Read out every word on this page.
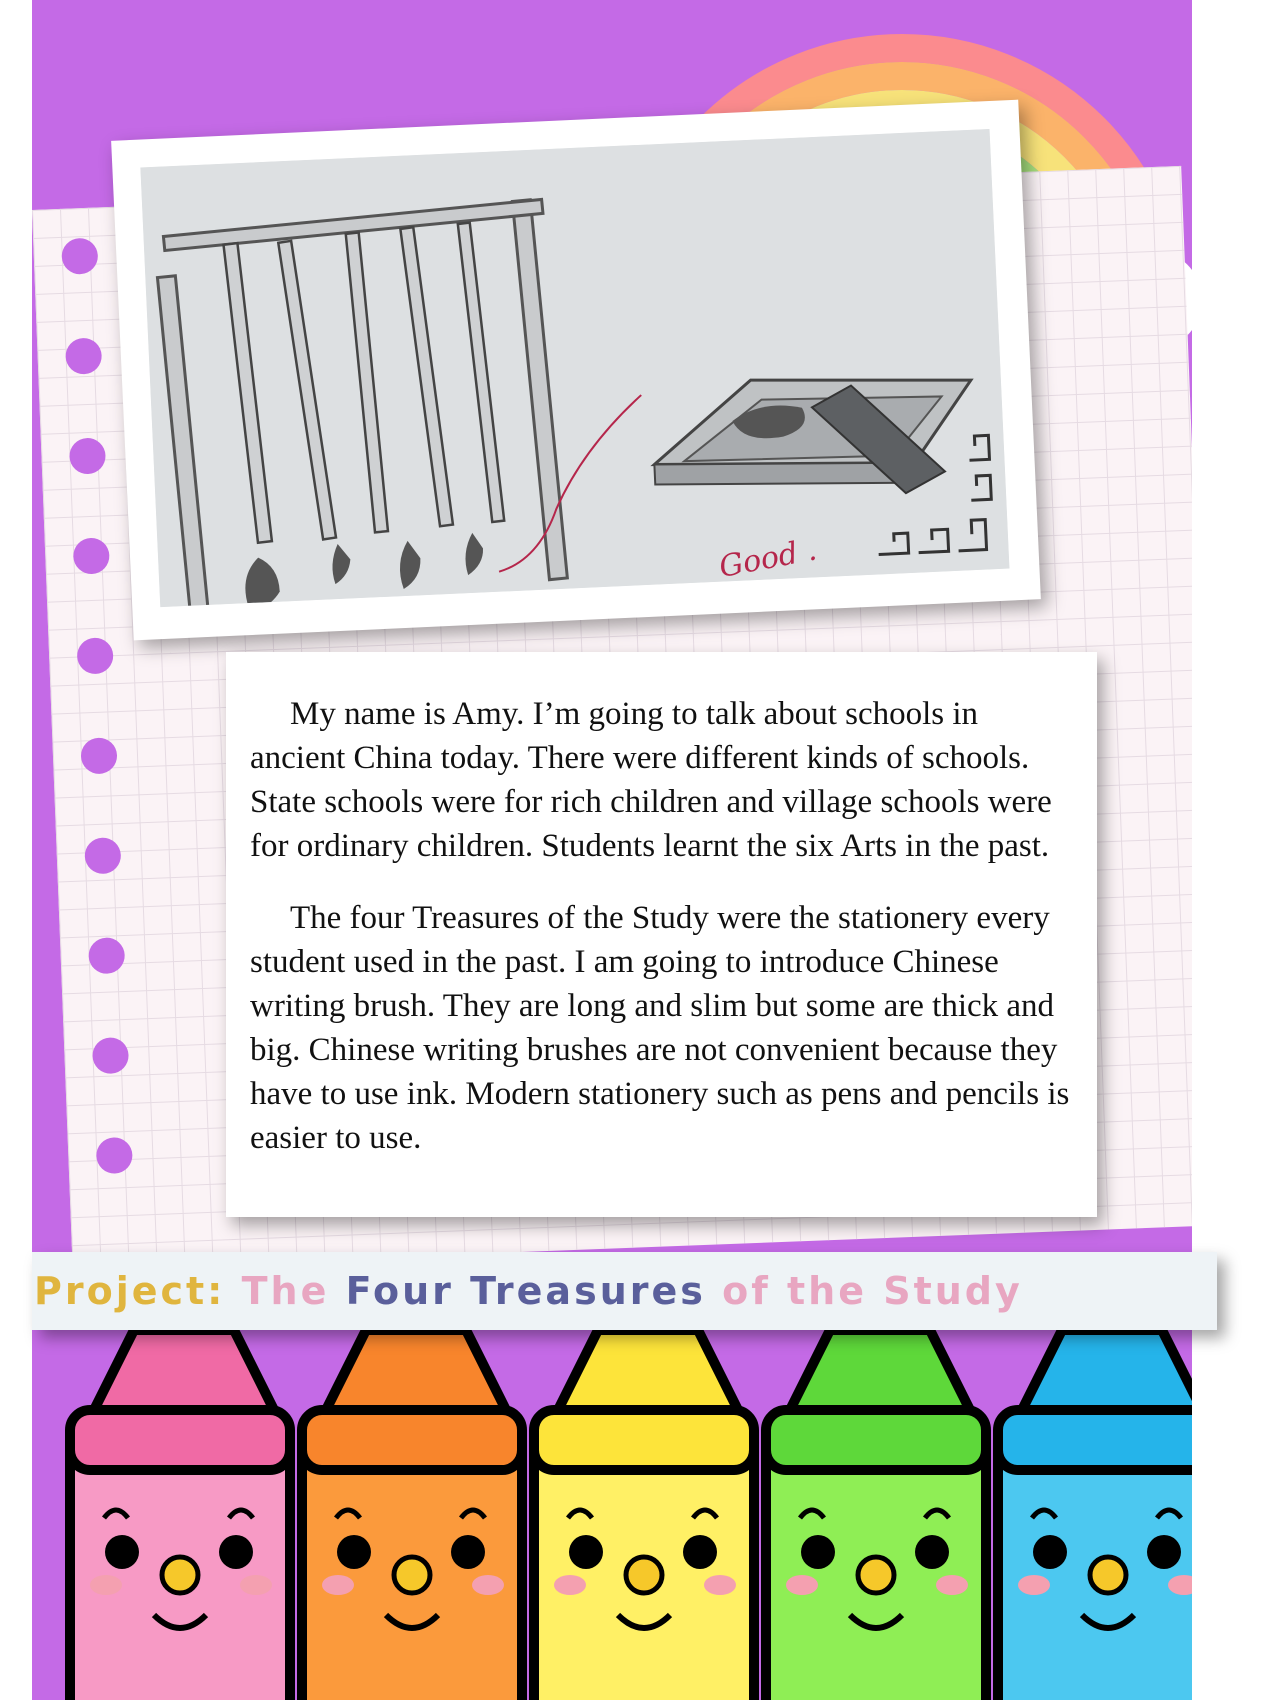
Good .

My name is Amy. I’m going to talk about schools in ancient China today. There were different kinds of schools. State schools were for rich children and village schools were for ordinary children. Students learnt the six Arts in the past.

The four Treasures of the Study were the stationery every student used in the past. I am going to introduce Chinese writing brush. They are long and slim but some are thick and big. Chinese writing brushes are not convenient because they have to use ink. Modern stationery such as pens and pencils is easier to use.

Project: The Four Treasures of the Study
